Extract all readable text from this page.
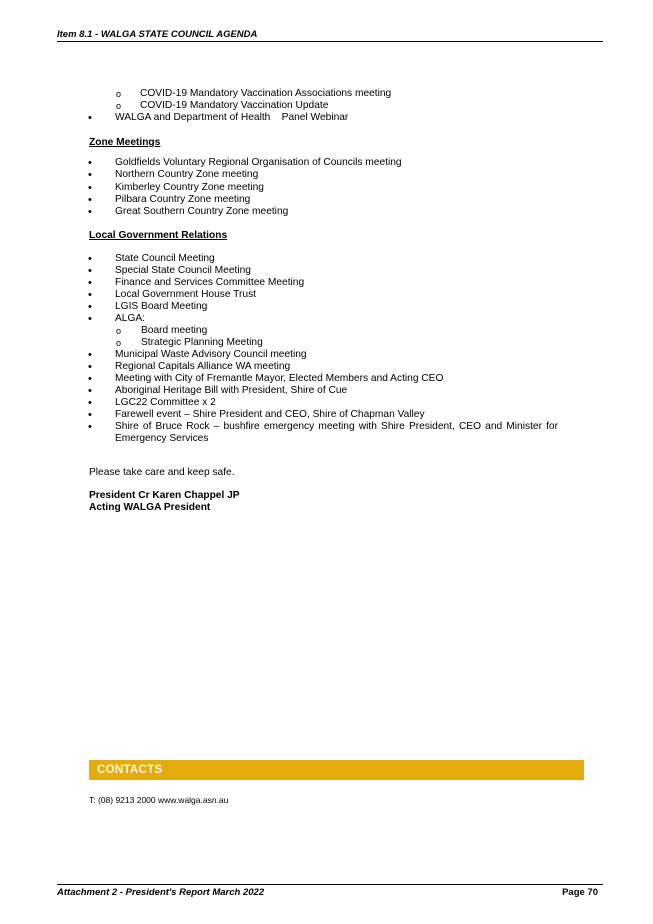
Item 8.1 - WALGA STATE COUNCIL AGENDA
o COVID-19 Mandatory Vaccination Associations meeting
o COVID-19 Mandatory Vaccination Update
• WALGA and Department of Health    Panel Webinar
Zone Meetings
• Goldfields Voluntary Regional Organisation of Councils meeting
• Northern Country Zone meeting
• Kimberley Country Zone meeting
• Pilbara Country Zone meeting
• Great Southern Country Zone meeting
Local Government Relations
• State Council Meeting
• Special State Council Meeting
• Finance and Services Committee Meeting
• Local Government House Trust
• LGIS Board Meeting
• ALGA:
o Board meeting
o Strategic Planning Meeting
• Municipal Waste Advisory Council meeting
• Regional Capitals Alliance WA meeting
• Meeting with City of Fremantle Mayor, Elected Members and Acting CEO
• Aboriginal Heritage Bill with President, Shire of Cue
• LGC22 Committee x 2
• Farewell event – Shire President and CEO, Shire of Chapman Valley
• Shire of Bruce Rock – bushfire emergency meeting with Shire President, CEO and Minister for Emergency Services
Please take care and keep safe.
President Cr Karen Chappel JP
Acting WALGA President
CONTACTS
T: (08) 9213 2000 www.walga.asn.au
Attachment 2 - President's Report March 2022	Page 70
